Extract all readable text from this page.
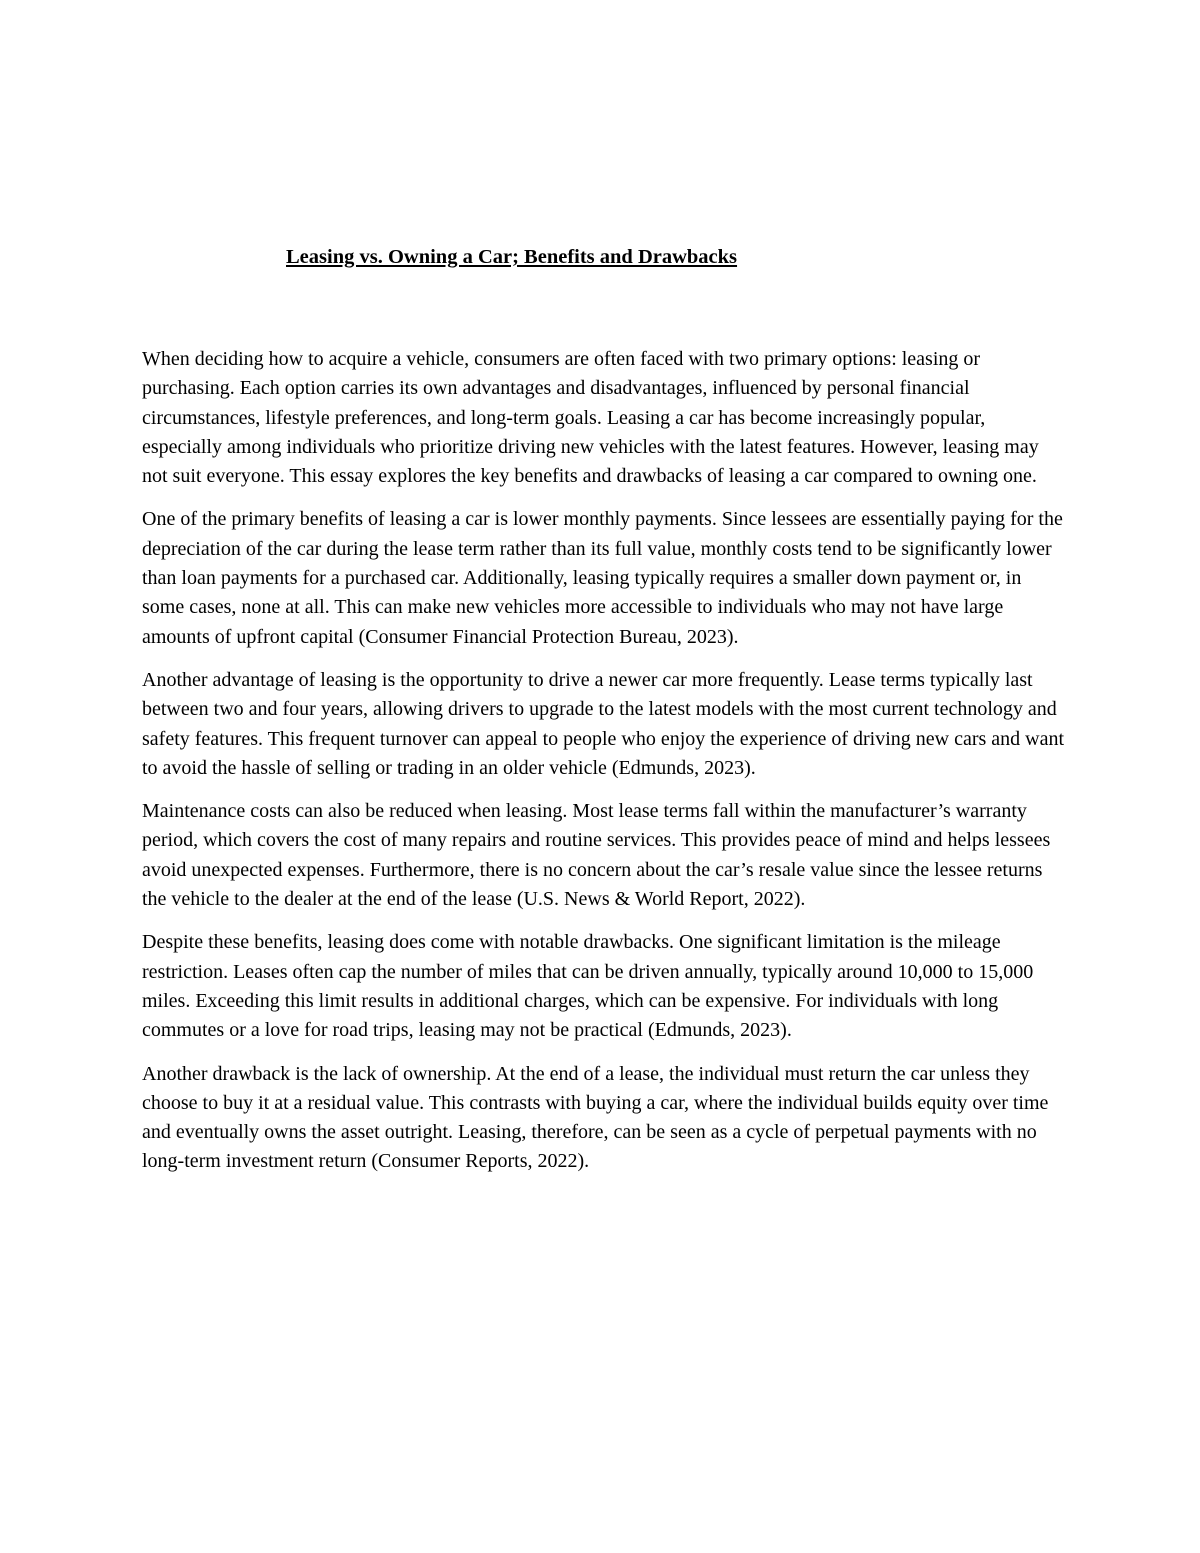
Leasing vs. Owning a Car; Benefits and Drawbacks

When deciding how to acquire a vehicle, consumers are often faced with two primary options: leasing or purchasing. Each option carries its own advantages and disadvantages, influenced by personal financial circumstances, lifestyle preferences, and long-term goals. Leasing a car has become increasingly popular, especially among individuals who prioritize driving new vehicles with the latest features. However, leasing may not suit everyone. This essay explores the key benefits and drawbacks of leasing a car compared to owning one.

One of the primary benefits of leasing a car is lower monthly payments. Since lessees are essentially paying for the depreciation of the car during the lease term rather than its full value, monthly costs tend to be significantly lower than loan payments for a purchased car. Additionally, leasing typically requires a smaller down payment or, in some cases, none at all. This can make new vehicles more accessible to individuals who may not have large amounts of upfront capital (Consumer Financial Protection Bureau, 2023).

Another advantage of leasing is the opportunity to drive a newer car more frequently. Lease terms typically last between two and four years, allowing drivers to upgrade to the latest models with the most current technology and safety features. This frequent turnover can appeal to people who enjoy the experience of driving new cars and want to avoid the hassle of selling or trading in an older vehicle (Edmunds, 2023).

Maintenance costs can also be reduced when leasing. Most lease terms fall within the manufacturer’s warranty period, which covers the cost of many repairs and routine services. This provides peace of mind and helps lessees avoid unexpected expenses. Furthermore, there is no concern about the car’s resale value since the lessee returns the vehicle to the dealer at the end of the lease (U.S. News & World Report, 2022).

Despite these benefits, leasing does come with notable drawbacks. One significant limitation is the mileage restriction. Leases often cap the number of miles that can be driven annually, typically around 10,000 to 15,000 miles. Exceeding this limit results in additional charges, which can be expensive. For individuals with long commutes or a love for road trips, leasing may not be practical (Edmunds, 2023).

Another drawback is the lack of ownership. At the end of a lease, the individual must return the car unless they choose to buy it at a residual value. This contrasts with buying a car, where the individual builds equity over time and eventually owns the asset outright. Leasing, therefore, can be seen as a cycle of perpetual payments with no long-term investment return (Consumer Reports, 2022).
